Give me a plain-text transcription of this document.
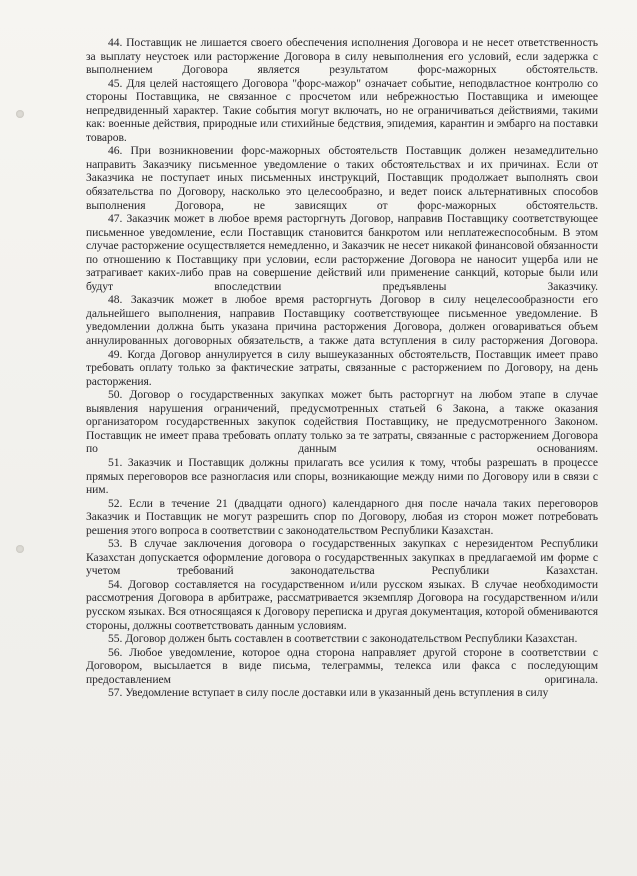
44. Поставщик не лишается своего обеспечения исполнения Договора и не несет ответственность за выплату неустоек или расторжение Договора в силу невыполнения его условий, если задержка с выполнением Договора является результатом форс-мажорных обстоятельств.

45. Для целей настоящего Договора "форс-мажор" означает событие, неподвластное контролю со стороны Поставщика, не связанное с просчетом или небрежностью Поставщика и имеющее непредвиденный характер. Такие события могут включать, но не ограничиваться действиями, такими как: военные действия, природные или стихийные бедствия, эпидемия, карантин и эмбарго на поставки товаров.

46. При возникновении форс-мажорных обстоятельств Поставщик должен незамедлительно направить Заказчику письменное уведомление о таких обстоятельствах и их причинах. Если от Заказчика не поступает иных письменных инструкций, Поставщик продолжает выполнять свои обязательства по Договору, насколько это целесообразно, и ведет поиск альтернативных способов выполнения Договора, не зависящих от форс-мажорных обстоятельств.

47. Заказчик может в любое время расторгнуть Договор, направив Поставщику соответствующее письменное уведомление, если Поставщик становится банкротом или неплатежеспособным. В этом случае расторжение осуществляется немедленно, и Заказчик не несет никакой финансовой обязанности по отношению к Поставщику при условии, если расторжение Договора не наносит ущерба или не затрагивает каких-либо прав на совершение действий или применение санкций, которые были или будут впоследствии предъявлены Заказчику.

48. Заказчик может в любое время расторгнуть Договор в силу нецелесообразности его дальнейшего выполнения, направив Поставщику соответствующее письменное уведомление. В уведомлении должна быть указана причина расторжения Договора, должен оговариваться объем аннулированных договорных обязательств, а также дата вступления в силу расторжения Договора.

49. Когда Договор аннулируется в силу вышеуказанных обстоятельств, Поставщик имеет право требовать оплату только за фактические затраты, связанные с расторжением по Договору, на день расторжения.

50. Договор о государственных закупках может быть расторгнут на любом этапе в случае выявления нарушения ограничений, предусмотренных статьей 6 Закона, а также оказания организатором государственных закупок содействия Поставщику, не предусмотренного Законом. Поставщик не имеет права требовать оплату только за те затраты, связанные с расторжением Договора по данным основаниям.

51. Заказчик и Поставщик должны прилагать все усилия к тому, чтобы разрешать в процессе прямых переговоров все разногласия или споры, возникающие между ними по Договору или в связи с ним.

52. Если в течение 21 (двадцати одного) календарного дня после начала таких переговоров Заказчик и Поставщик не могут разрешить спор по Договору, любая из сторон может потребовать решения этого вопроса в соответствии с законодательством Республики Казахстан.

53. В случае заключения договора о государственных закупках с нерезидентом Республики Казахстан допускается оформление договора о государственных закупках в предлагаемой им форме с учетом требований законодательства Республики Казахстан.

54. Договор составляется на государственном и/или русском языках. В случае необходимости рассмотрения Договора в арбитраже, рассматривается экземпляр Договора на государственном и/или русском языках. Вся относящаяся к Договору переписка и другая документация, которой обмениваются стороны, должны соответствовать данным условиям.

55. Договор должен быть составлен в соответствии с законодательством Республики Казахстан.

56. Любое уведомление, которое одна сторона направляет другой стороне в соответствии с Договором, высылается в виде письма, телеграммы, телекса или факса с последующим предоставлением оригинала.

57. Уведомление вступает в силу после доставки или в указанный день вступления в силу
